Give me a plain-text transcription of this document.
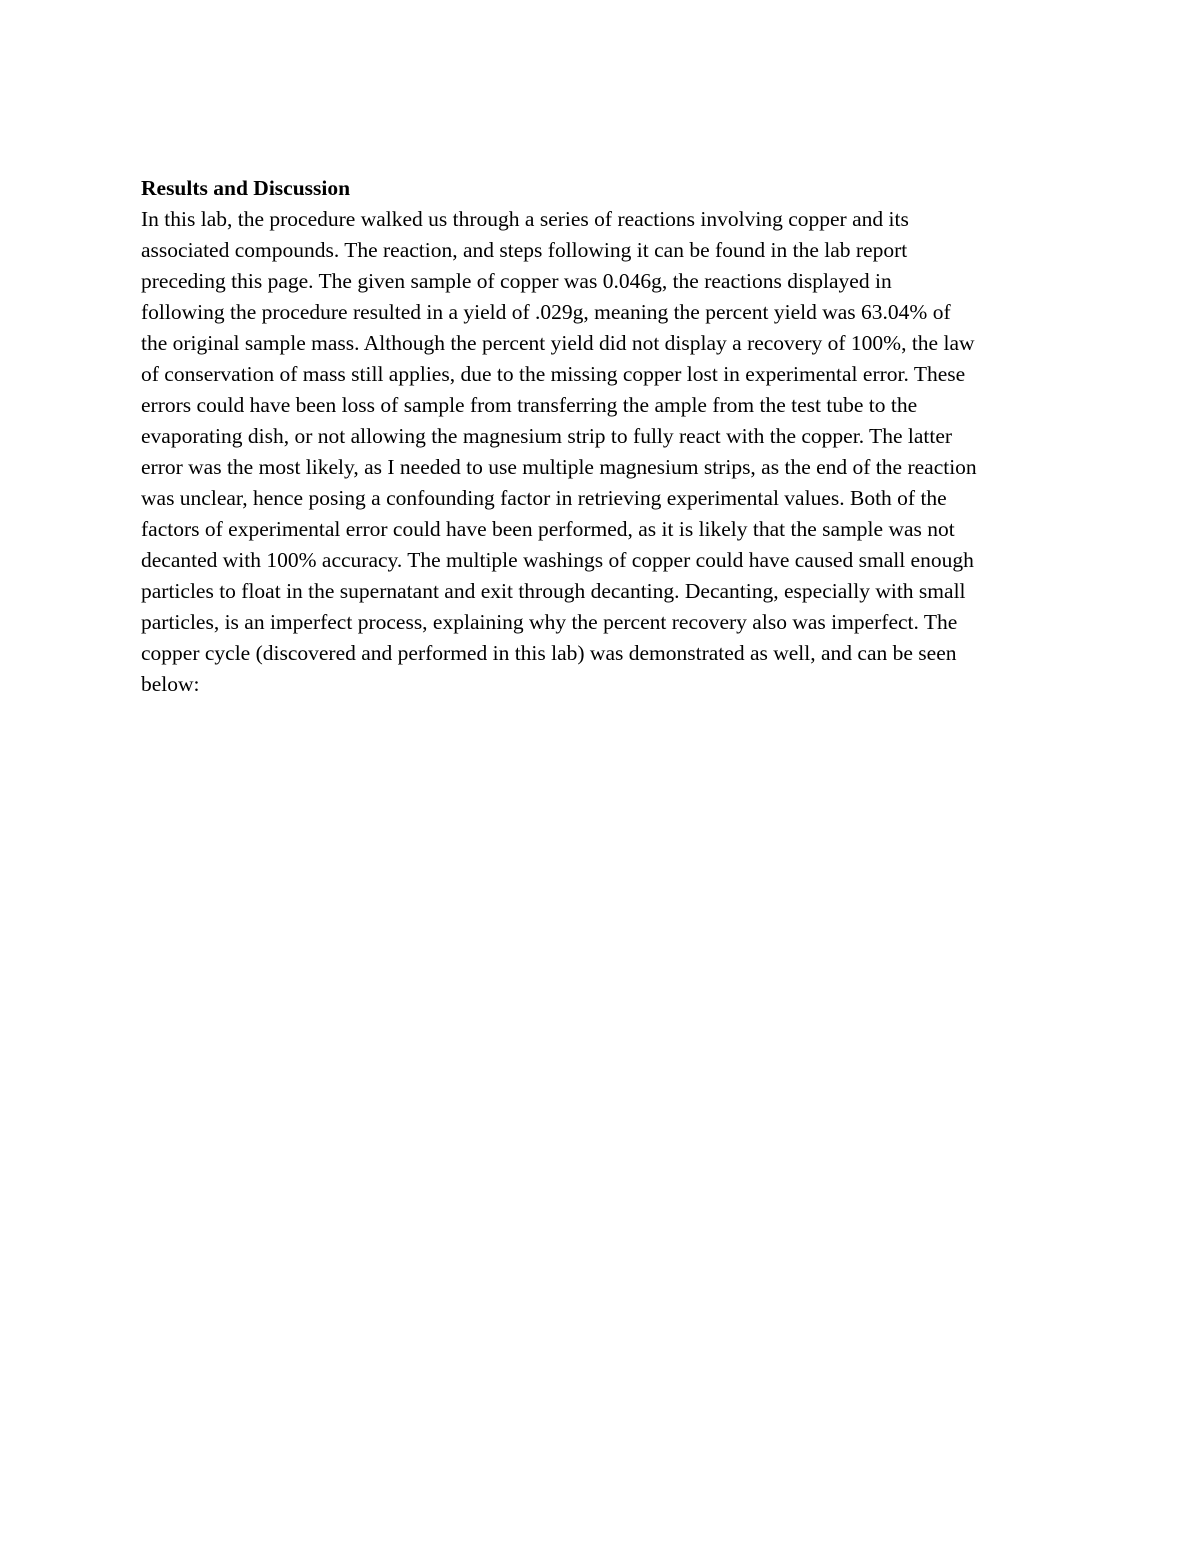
Results and Discussion
In this lab, the procedure walked us through a series of reactions involving copper and its
associated compounds. The reaction, and steps following it can be found in the lab report
preceding this page. The given sample of copper was 0.046g, the reactions displayed in
following the procedure resulted in a yield of .029g, meaning the percent yield was 63.04% of
the original sample mass. Although the percent yield did not display a recovery of 100%, the law
of conservation of mass still applies, due to the missing copper lost in experimental error. These
errors could have been loss of sample from transferring the ample from the test tube to the
evaporating dish, or not allowing the magnesium strip to fully react with the copper. The latter
error was the most likely, as I needed to use multiple magnesium strips, as the end of the reaction
was unclear, hence posing a confounding factor in retrieving experimental values. Both of the
factors of experimental error could have been performed, as it is likely that the sample was not
decanted with 100% accuracy. The multiple washings of copper could have caused small enough
particles to float in the supernatant and exit through decanting. Decanting, especially with small
particles, is an imperfect process, explaining why the percent recovery also was imperfect. The
copper cycle (discovered and performed in this lab) was demonstrated as well, and can be seen
below:
